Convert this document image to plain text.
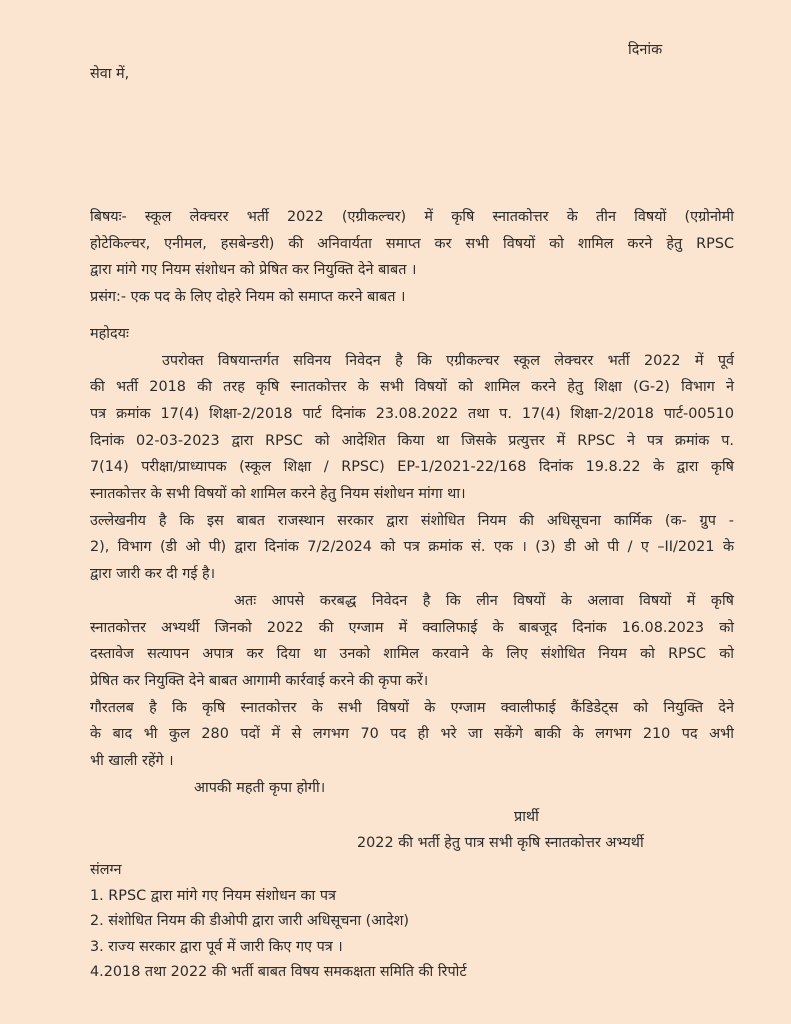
दिनांक

सेवा में,

बिषयः- स्कूल लेक्चरर भर्ती 2022 (एग्रीकल्चर) में कृषि स्नातकोत्तर के तीन विषयों (एग्रोनोमी

होटेकिल्चर, एनीमल, हसबेन्डरी) की अनिवार्यता समाप्त कर सभी विषयों को शामिल करने हेतु RPSC

द्वारा मांगे गए नियम संशोधन को प्रेषित कर नियुक्ति देने बाबत ।

प्रसंग:- एक पद के लिए दोहरे नियम को समाप्त करने बाबत ।

महोदयः

उपरोक्त विषयान्तर्गत सविनय निवेदन है कि एग्रीकल्चर स्कूल लेक्चरर भर्ती 2022 में पूर्व

की भर्ती 2018 की तरह कृषि स्नातकोत्तर के सभी विषयों को शामिल करने हेतु शिक्षा (G-2) विभाग ने

पत्र क्रमांक 17(4) शिक्षा-2/2018 पार्ट दिनांक 23.08.2022 तथा प. 17(4) शिक्षा-2/2018 पार्ट-00510

दिनांक 02-03-2023 द्वारा RPSC को आदेशित किया था जिसके प्रत्युत्तर में RPSC ने पत्र क्रमांक प.

7(14) परीक्षा/प्राध्यापक (स्कूल शिक्षा / RPSC) EP-1/2021-22/168 दिनांक 19.8.22 के द्वारा कृषि

स्नातकोत्तर के सभी विषयों को शामिल करने हेतु नियम संशोधन मांगा था।

उल्लेखनीय है कि इस बाबत राजस्थान सरकार द्वारा संशोधित नियम की अधिसूचना कार्मिक (क- ग्रुप -

2), विभाग (डी ओ पी) द्वारा दिनांक 7/2/2024 को पत्र क्रमांक सं. एक । (3) डी ओ पी / ए –II/2021 के

द्वारा जारी कर दी गई है।

अतः आपसे करबद्ध निवेदन है कि लीन विषयों के अलावा विषयों में कृषि

स्नातकोत्तर अभ्यर्थी जिनको 2022 की एग्जाम में क्वालिफाई के बाबजूद दिनांक 16.08.2023 को

दस्तावेज सत्यापन अपात्र कर दिया था उनको शामिल करवाने के लिए संशोधित नियम को RPSC को

प्रेषित कर नियुक्ति देने बाबत आगामी कार्रवाई करने की कृपा करें।

गौरतलब है कि कृषि स्नातकोत्तर के सभी विषयों के एग्जाम क्वालीफाई कैंडिडेट्स को नियुक्ति देने

के बाद भी कुल 280 पदों में से लगभग 70 पद ही भरे जा सकेंगे बाकी के लगभग 210 पद अभी

भी खाली रहेंगे ।

आपकी महती कृपा होगी।

प्रार्थी

2022 की भर्ती हेतु पात्र सभी कृषि स्नातकोत्तर अभ्यर्थी

संलग्न
1. RPSC द्वारा मांगे गए नियम संशोधन का पत्र
2. संशोधित नियम की डीओपी द्वारा जारी अधिसूचना (आदेश)
3. राज्य सरकार द्वारा पूर्व में जारी किए गए पत्र ।
4.2018 तथा 2022 की भर्ती बाबत विषय समकक्षता समिति की रिपोर्ट
